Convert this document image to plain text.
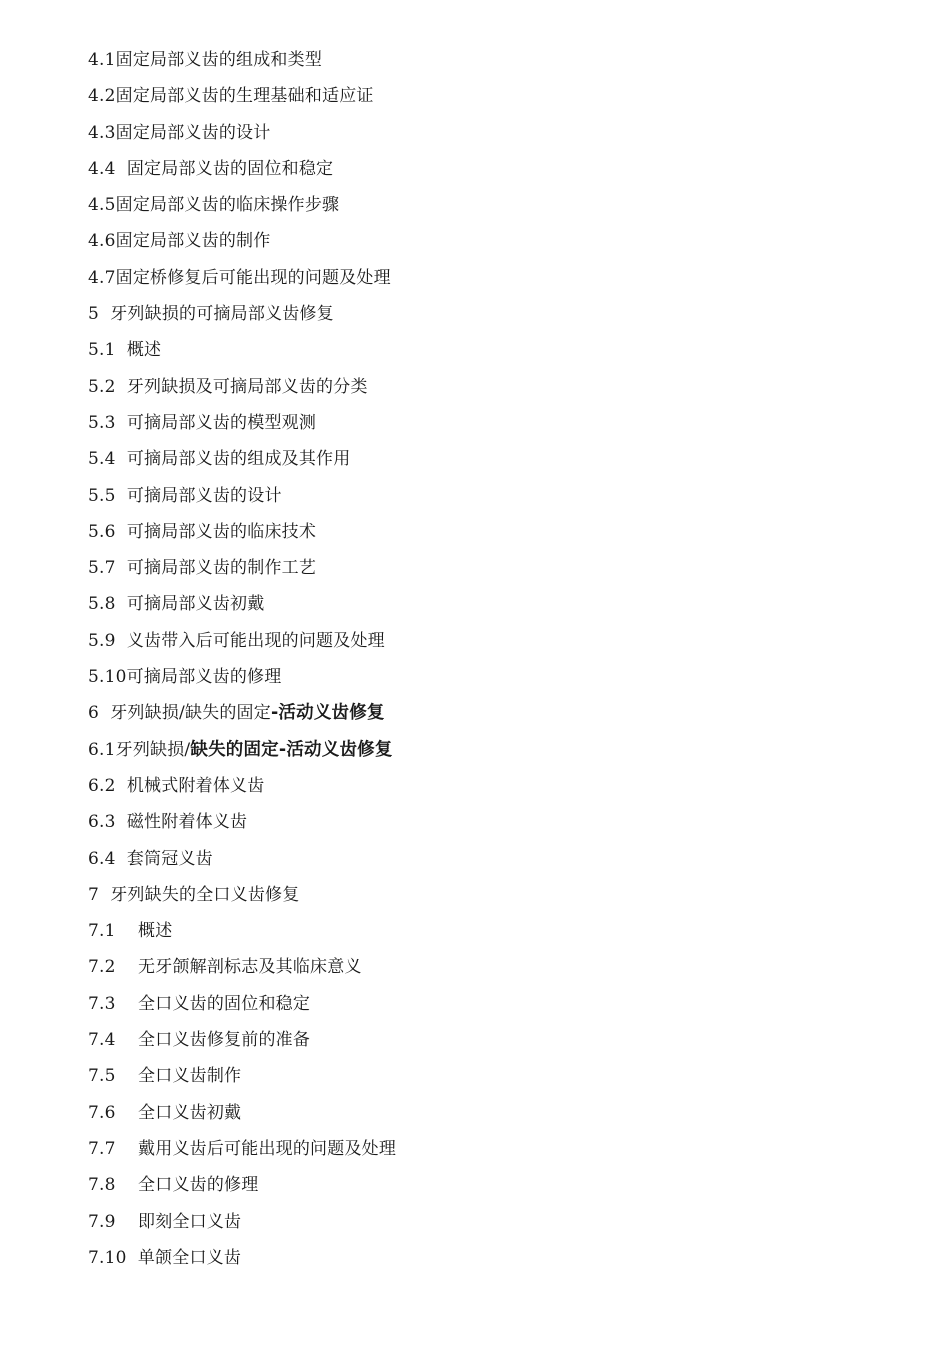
4.1固定局部义齿的组成和类型
4.2固定局部义齿的生理基础和适应证
4.3固定局部义齿的设计
4.4  固定局部义齿的固位和稳定
4.5固定局部义齿的临床操作步骤
4.6固定局部义齿的制作
4.7固定桥修复后可能出现的问题及处理
5  牙列缺损的可摘局部义齿修复
5.1  概述
5.2  牙列缺损及可摘局部义齿的分类
5.3  可摘局部义齿的模型观测
5.4  可摘局部义齿的组成及其作用
5.5  可摘局部义齿的设计
5.6  可摘局部义齿的临床技术
5.7  可摘局部义齿的制作工艺
5.8  可摘局部义齿初戴
5.9  义齿带入后可能出现的问题及处理
5.10可摘局部义齿的修理
6  牙列缺损/缺失的固定-活动义齿修复
6.1牙列缺损/缺失的固定-活动义齿修复
6.2  机械式附着体义齿
6.3  磁性附着体义齿
6.4  套筒冠义齿
7  牙列缺失的全口义齿修复
7.1    概述
7.2    无牙颌解剖标志及其临床意义
7.3    全口义齿的固位和稳定
7.4    全口义齿修复前的准备
7.5    全口义齿制作
7.6    全口义齿初戴
7.7    戴用义齿后可能出现的问题及处理
7.8    全口义齿的修理
7.9    即刻全口义齿
7.10  单颌全口义齿
